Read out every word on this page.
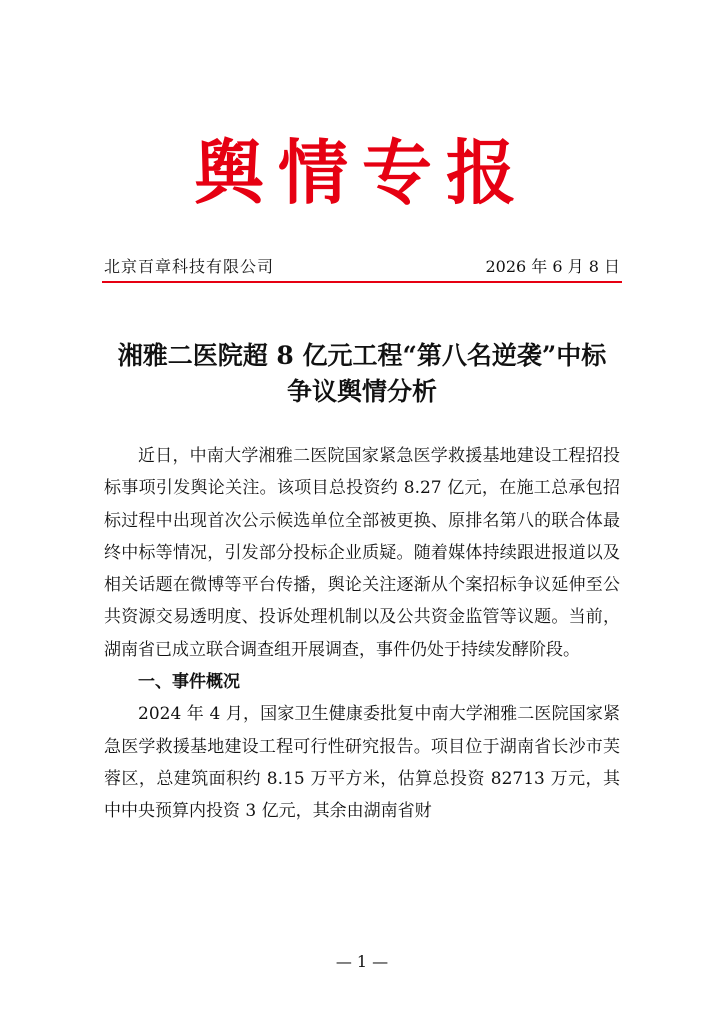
舆情专报
北京百章科技有限公司	2026 年 6 月 8 日
湘雅二医院超 8 亿元工程“第八名逆袭”中标
争议舆情分析

近日，中南大学湘雅二医院国家紧急医学救援基地建设工程招投标事项引发舆论关注。该项目总投资约 8.27 亿元，在施工总承包招标过程中出现首次公示候选单位全部被更换、原排名第八的联合体最终中标等情况，引发部分投标企业质疑。随着媒体持续跟进报道以及相关话题在微博等平台传播，舆论关注逐渐从个案招标争议延伸至公共资源交易透明度、投诉处理机制以及公共资金监管等议题。当前，湖南省已成立联合调查组开展调查，事件仍处于持续发酵阶段。

一、事件概况

2024 年 4 月，国家卫生健康委批复中南大学湘雅二医院国家紧急医学救援基地建设工程可行性研究报告。项目位于湖南省长沙市芙蓉区，总建筑面积约 8.15 万平方米，估算总投资 82713 万元，其中中央预算内投资 3 亿元，其余由湖南省财

— 1 —
